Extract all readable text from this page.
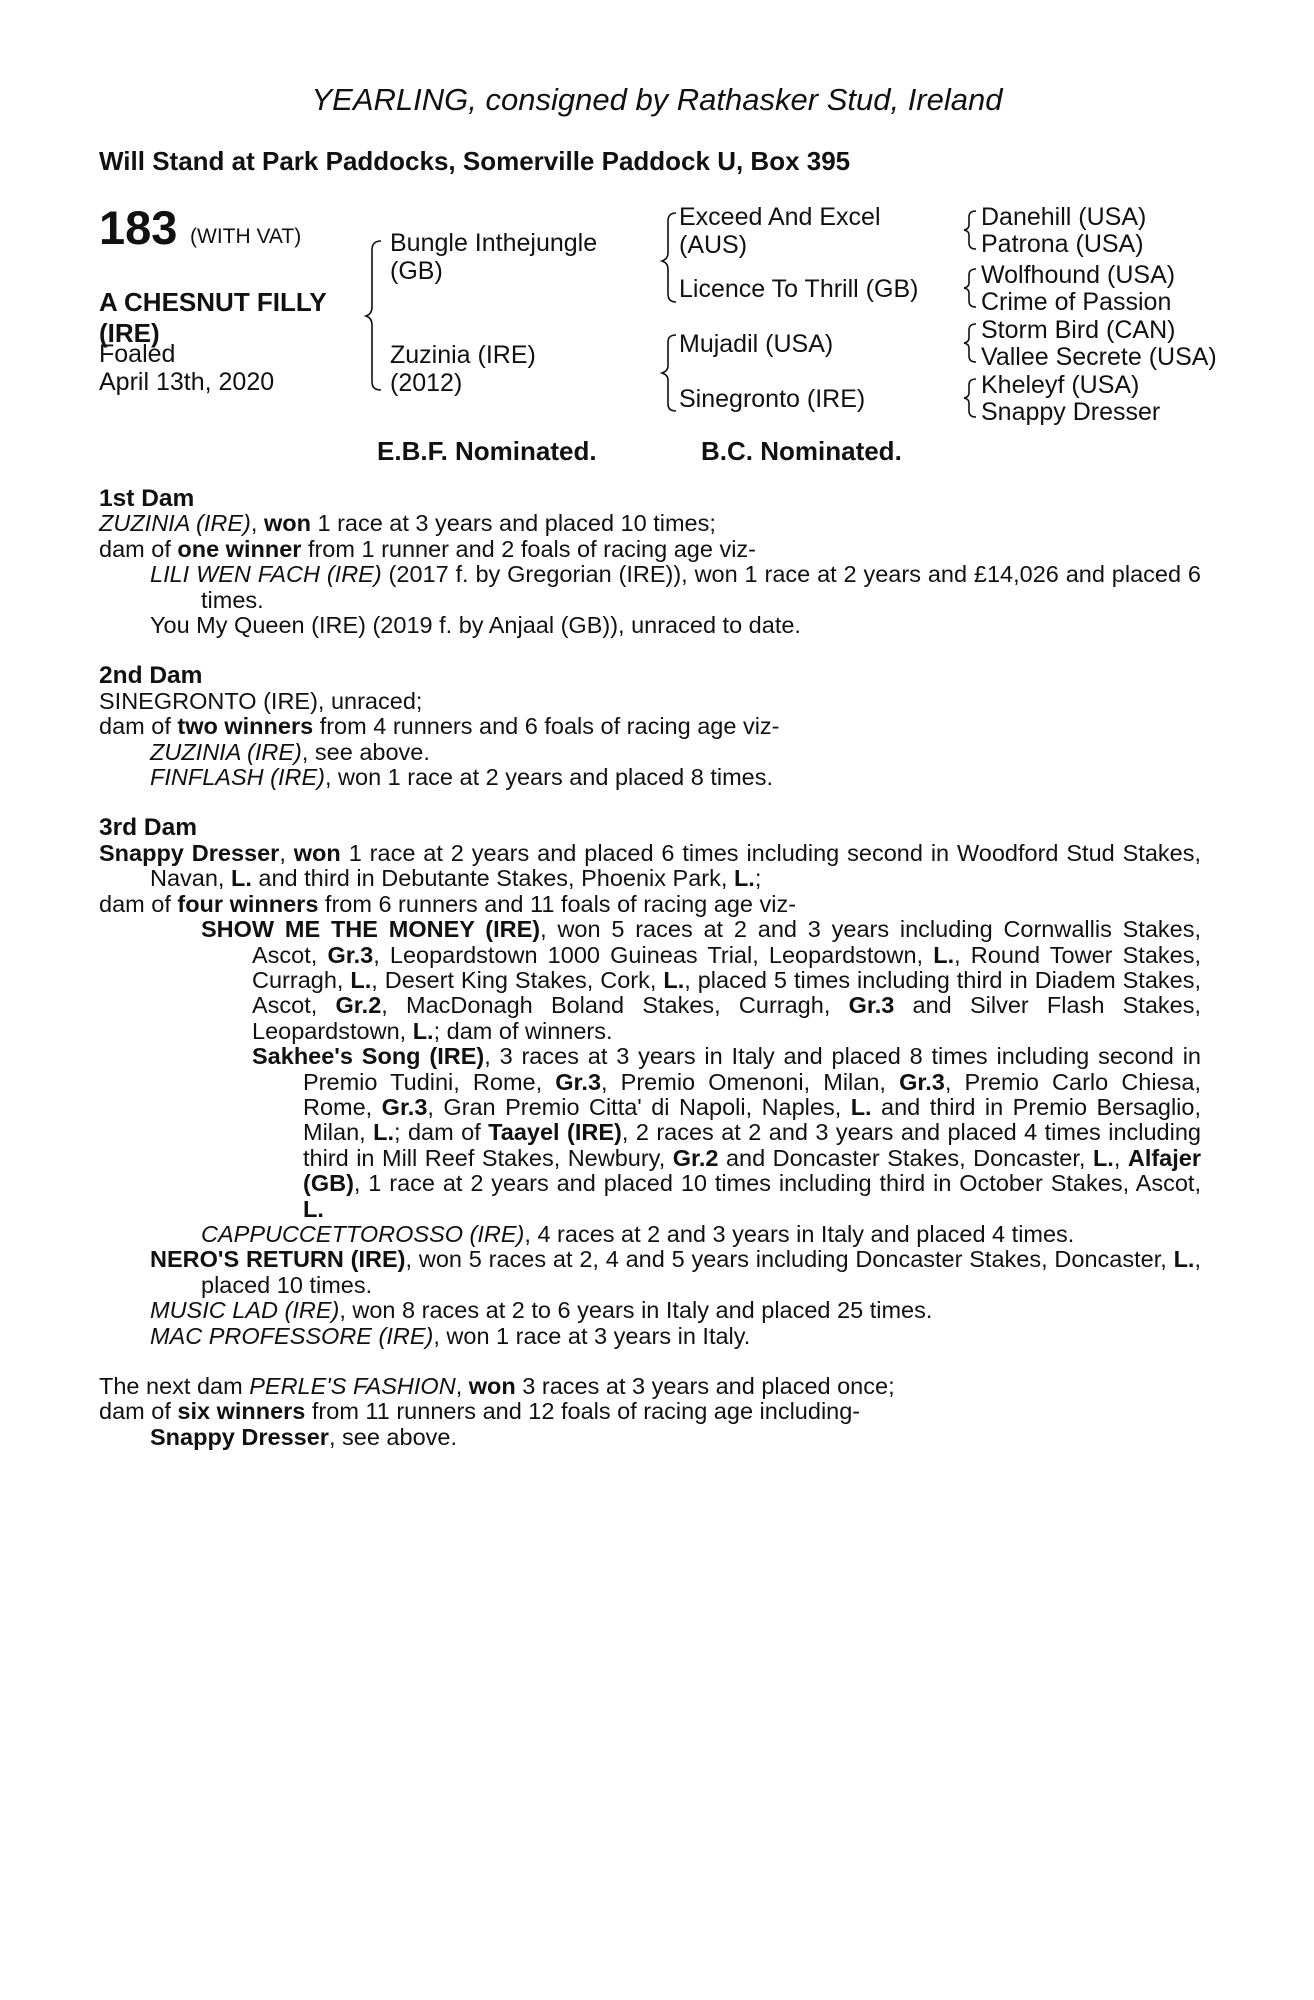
YEARLING, consigned by Rathasker Stud, Ireland
Will Stand at Park Paddocks, Somerville Paddock U, Box 395
183 (WITH VAT)
A CHESNUT FILLY
(IRE)
Foaled
April 13th, 2020
Bungle Inthejungle
(GB)
Zuzinia (IRE)
(2012)
Exceed And Excel
(AUS)
Licence To Thrill (GB)
Mujadil (USA)
Sinegronto (IRE)
Danehill (USA)
Patrona (USA)
Wolfhound (USA)
Crime of Passion
Storm Bird (CAN)
Vallee Secrete (USA)
Kheleyf (USA)
Snappy Dresser
E.B.F. Nominated.	B.C. Nominated.

1st Dam

ZUZINIA (IRE), won 1 race at 3 years and placed 10 times;

dam of one winner from 1 runner and 2 foals of racing age viz-

LILI WEN FACH (IRE) (2017 f. by Gregorian (IRE)), won 1 race at 2 years and £14,026 and placed 6 times.

You My Queen (IRE) (2019 f. by Anjaal (GB)), unraced to date.

2nd Dam

SINEGRONTO (IRE), unraced;

dam of two winners from 4 runners and 6 foals of racing age viz-

ZUZINIA (IRE), see above.

FINFLASH (IRE), won 1 race at 2 years and placed 8 times.

3rd Dam

Snappy Dresser, won 1 race at 2 years and placed 6 times including second in Woodford Stud Stakes, Navan, L. and third in Debutante Stakes, Phoenix Park, L.;

dam of four winners from 6 runners and 11 foals of racing age viz-

SHOW ME THE MONEY (IRE), won 5 races at 2 and 3 years including Cornwallis Stakes, Ascot, Gr.3, Leopardstown 1000 Guineas Trial, Leopardstown, L., Round Tower Stakes, Curragh, L., Desert King Stakes, Cork, L., placed 5 times including third in Diadem Stakes, Ascot, Gr.2, MacDonagh Boland Stakes, Curragh, Gr.3 and Silver Flash Stakes, Leopardstown, L.; dam of winners.

Sakhee's Song (IRE), 3 races at 3 years in Italy and placed 8 times including second in Premio Tudini, Rome, Gr.3, Premio Omenoni, Milan, Gr.3, Premio Carlo Chiesa, Rome, Gr.3, Gran Premio Citta' di Napoli, Naples, L. and third in Premio Bersaglio, Milan, L.; dam of Taayel (IRE), 2 races at 2 and 3 years and placed 4 times including third in Mill Reef Stakes, Newbury, Gr.2 and Doncaster Stakes, Doncaster, L., Alfajer (GB), 1 race at 2 years and placed 10 times including third in October Stakes, Ascot, L.

CAPPUCCETTOROSSO (IRE), 4 races at 2 and 3 years in Italy and placed 4 times.

NERO'S RETURN (IRE), won 5 races at 2, 4 and 5 years including Doncaster Stakes, Doncaster, L., placed 10 times.

MUSIC LAD (IRE), won 8 races at 2 to 6 years in Italy and placed 25 times.

MAC PROFESSORE (IRE), won 1 race at 3 years in Italy.

The next dam PERLE'S FASHION, won 3 races at 3 years and placed once;

dam of six winners from 11 runners and 12 foals of racing age including-

Snappy Dresser, see above.
